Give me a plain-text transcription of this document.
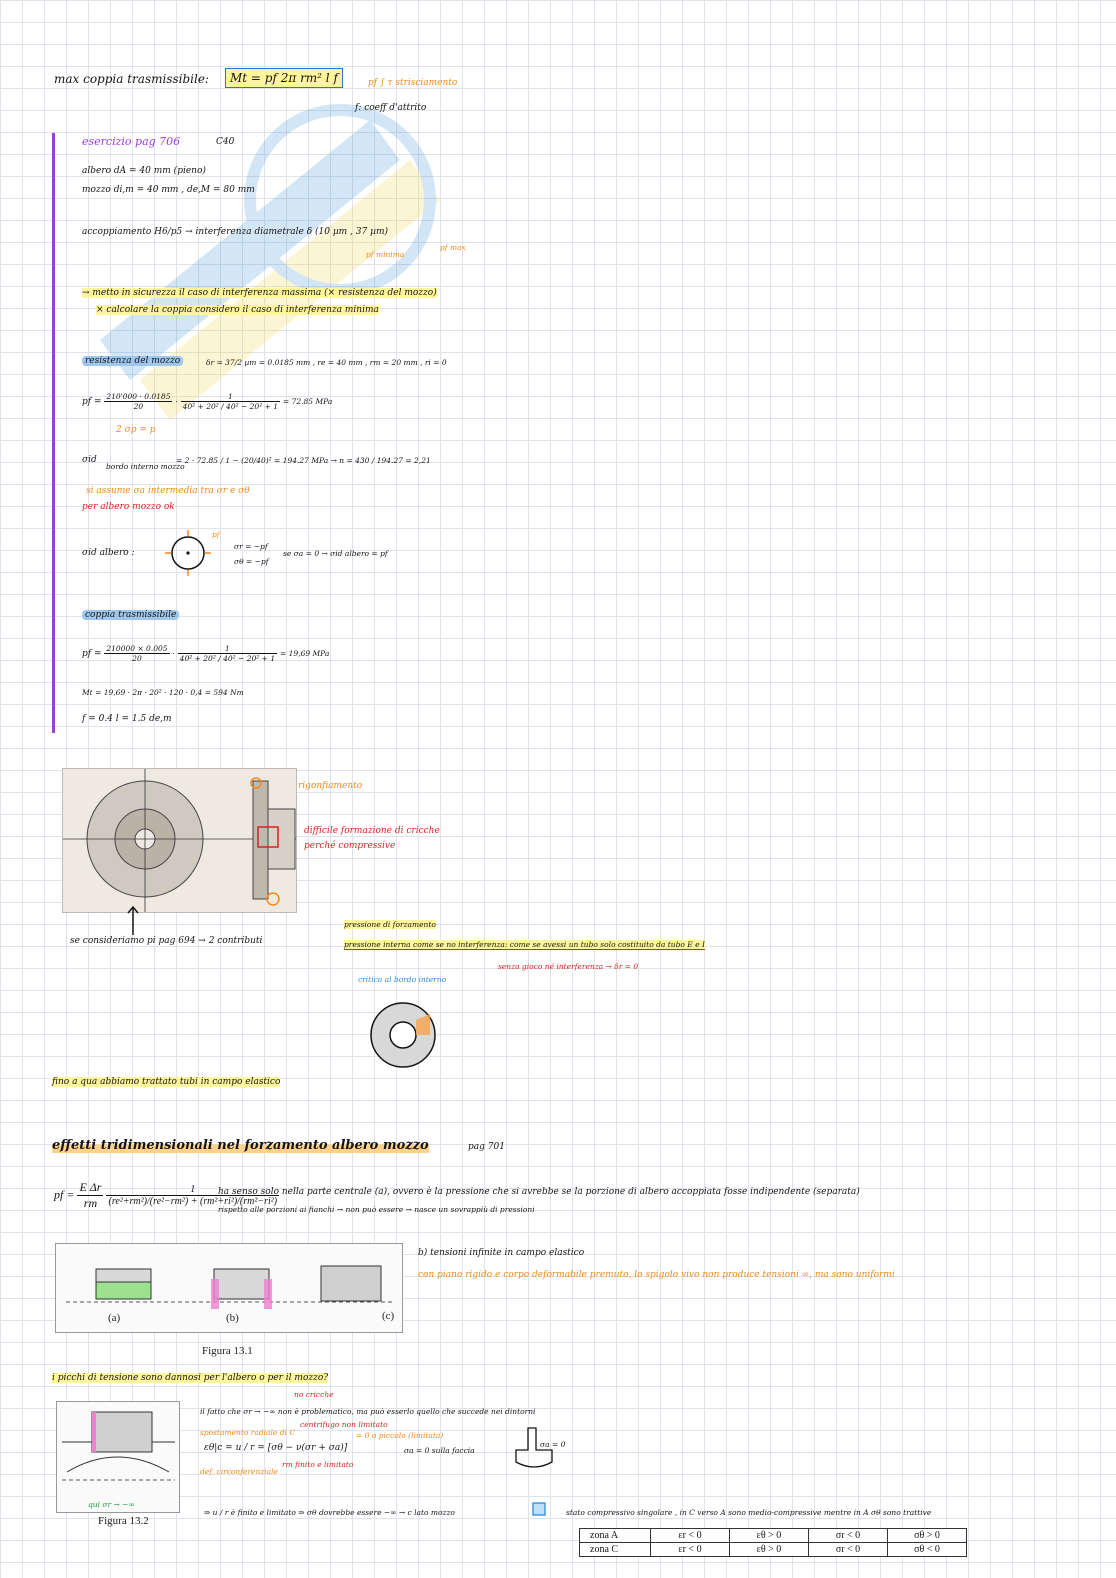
max coppia trasmissibile:	Mt = pf 2π rm² l f	pf ∫ τ strisciamento
f: coeff d'attrito
esercizio pag 706	C40
albero dA = 40 mm (pieno)
mozzo di,m = 40 mm , de,M = 80 mm
accoppiamento H6/p5 → interferenza diametrale δ (10 µm , 37 µm)
pf minima
pf max
→ metto in sicurezza il caso di interferenza massima (× resistenza del mozzo)
× calcolare la coppia considero il caso di interferenza minima
resistenza del mozzo	δr = 37/2 µm = 0.0185 mm , re = 40 mm , rm = 20 mm , ri = 0
pf = $\frac{210'000 \cdot 0.0185}{20} \cdot \frac{1}{\text{40² + 20² / 40² − 20² + 1}} = 72.85$ MPa
2 σp = p
σid
bordo interno mozzo
= 2 · 72.85 / 1 − (20/40)² = 194.27 MPa → n = 430 / 194.27 = 2,21
si assume σa intermedia tra σr e σθ
per albero mozzo ok
σid albero :
pf
σr = −pf
σθ = −pf
se σa = 0 → σid albero = pf
coppia trasmissibile
pf = $\frac{210000 \times 0.005}{20} \cdot \frac{1}{\text{40² + 20² / 40² − 20² + 1}} = 19,69$ MPa
Mt = 19,69 · 2π · 20² · 120 · 0,4 = 594 Nm
f = 0.4 l = 1.5 de,m
rigonfiamento
difficile formazione di cricche
perché compressive
se consideriamo pi pag 694 → 2 contributi
pressione di forzamento
pressione interna come se no interferenza: come se avessi un tubo solo costituito da tubo E e I
senza gioco né interferenza → δr = 0
critica al bordo interno
fino a qua abbiamo trattato tubi in campo elastico
effetti tridimensionali nel forzamento albero mozzo	pag 701
pf = $\frac{\text{E Δr}}{rm}$
$\frac{1}{\text{(re²+rm²)/(re²−rm²) + (rm²+ri²)/(rm²−ri²)}}$
ha senso solo nella parte centrale (a), ovvero è la pressione che si avrebbe se la porzione di albero accoppiata fosse indipendente (separata)
rispetto alle porzioni ai fianchi → non può essere → nasce un sovrappiù di pressioni
(a)	(b)	(c)
Figura 13.1
b) tensioni infinite in campo elastico
con piano rigido e corpo deformabile premuto, lo spigolo vivo non produce tensioni ∞, ma sono uniformi
i picchi di tensione sono dannosi per l'albero o per il mozzo?
no cricche
Figura 13.2
qui σr → −∞
il fatto che σr → −∞ non è problematico, ma può esserlo quello che succede nei dintorni
centrifugo non limitato
spostamento radiale di C
εθ|c = u / r = [σθ − ν(σr + σa)]
= 0 o piccolo (limitata)
rm finito e limitato
σa = 0 sulla faccia
σa = 0
def. circonferenziale
⇒ u / r è finito e limitato ⇒ σθ dovrebbe essere −∞ → c lato mozzo	stato compressivo singolare , in C verso A sono medio-compressive mentre in A σθ sono trattive
zona A	εr < 0	εθ > 0	σr < 0	σθ > 0
zona C	εr < 0	εθ > 0	σr < 0	σθ < 0
